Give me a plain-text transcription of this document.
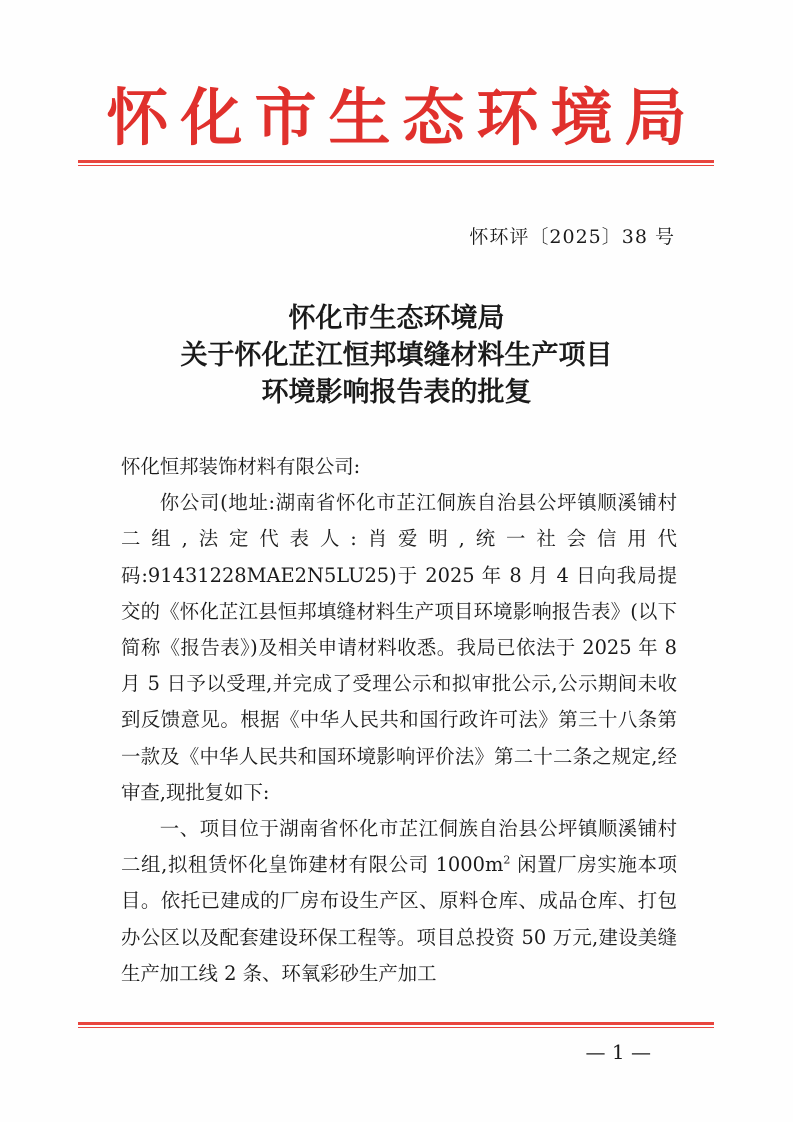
怀化市生态环境局
怀环评〔2025〕38 号
怀化市生态环境局
关于怀化芷江恒邦填缝材料生产项目
环境影响报告表的批复
怀化恒邦装饰材料有限公司:

你公司(地址:湖南省怀化市芷江侗族自治县公坪镇顺溪铺村二组,法定代表人:肖爱明,统一社会信用代码:91431228MAE2N5LU25)于 2025 年 8 月 4 日向我局提交的《怀化芷江县恒邦填缝材料生产项目环境影响报告表》(以下简称《报告表》)及相关申请材料收悉。我局已依法于 2025 年 8 月 5 日予以受理,并完成了受理公示和拟审批公示,公示期间未收到反馈意见。根据《中华人民共和国行政许可法》第三十八条第一款及《中华人民共和国环境影响评价法》第二十二条之规定,经审查,现批复如下:

一、项目位于湖南省怀化市芷江侗族自治县公坪镇顺溪铺村二组,拟租赁怀化皇饰建材有限公司 $1000m^2$ 闲置厂房实施本项目。依托已建成的厂房布设生产区、原料仓库、成品仓库、打包办公区以及配套建设环保工程等。项目总投资 50 万元,建设美缝生产加工线 2 条、环氧彩砂生产加工

— 1 —
